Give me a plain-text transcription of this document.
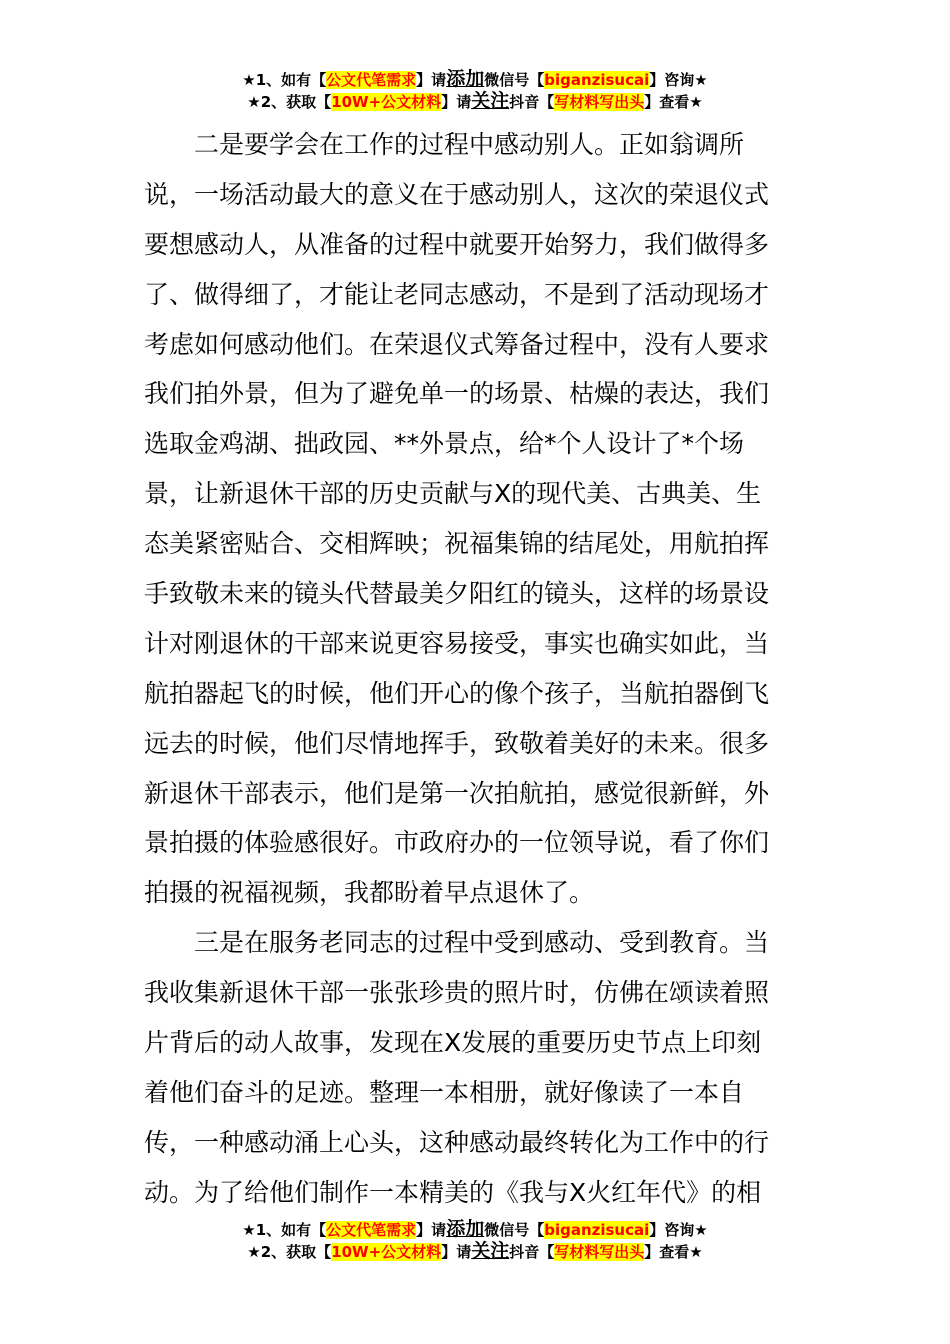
★1、如有【公文代笔需求】请添加微信号【biganzisucai】咨询★
★2、获取【10W+公文材料】请关注抖音【写材料写出头】查看★
二是要学会在工作的过程中感动别人。正如翁调所
说，一场活动最大的意义在于感动别人，这次的荣退仪式
要想感动人，从准备的过程中就要开始努力，我们做得多
了、做得细了，才能让老同志感动，不是到了活动现场才
考虑如何感动他们。在荣退仪式筹备过程中，没有人要求
我们拍外景，但为了避免单一的场景、枯燥的表达，我们
选取金鸡湖、拙政园、**外景点，给*个人设计了*个场
景，让新退休干部的历史贡献与X的现代美、古典美、生
态美紧密贴合、交相辉映；祝福集锦的结尾处，用航拍挥
手致敬未来的镜头代替最美夕阳红的镜头，这样的场景设
计对刚退休的干部来说更容易接受，事实也确实如此，当
航拍器起飞的时候，他们开心的像个孩子，当航拍器倒飞
远去的时候，他们尽情地挥手，致敬着美好的未来。很多
新退休干部表示，他们是第一次拍航拍，感觉很新鲜，外
景拍摄的体验感很好。市政府办的一位领导说，看了你们
拍摄的祝福视频，我都盼着早点退休了。
三是在服务老同志的过程中受到感动、受到教育。当
我收集新退休干部一张张珍贵的照片时，仿佛在颂读着照
片背后的动人故事，发现在X发展的重要历史节点上印刻
着他们奋斗的足迹。整理一本相册，就好像读了一本自
传，一种感动涌上心头，这种感动最终转化为工作中的行
动。为了给他们制作一本精美的《我与X火红年代》的相
★1、如有【公文代笔需求】请添加微信号【biganzisucai】咨询★
★2、获取【10W+公文材料】请关注抖音【写材料写出头】查看★
